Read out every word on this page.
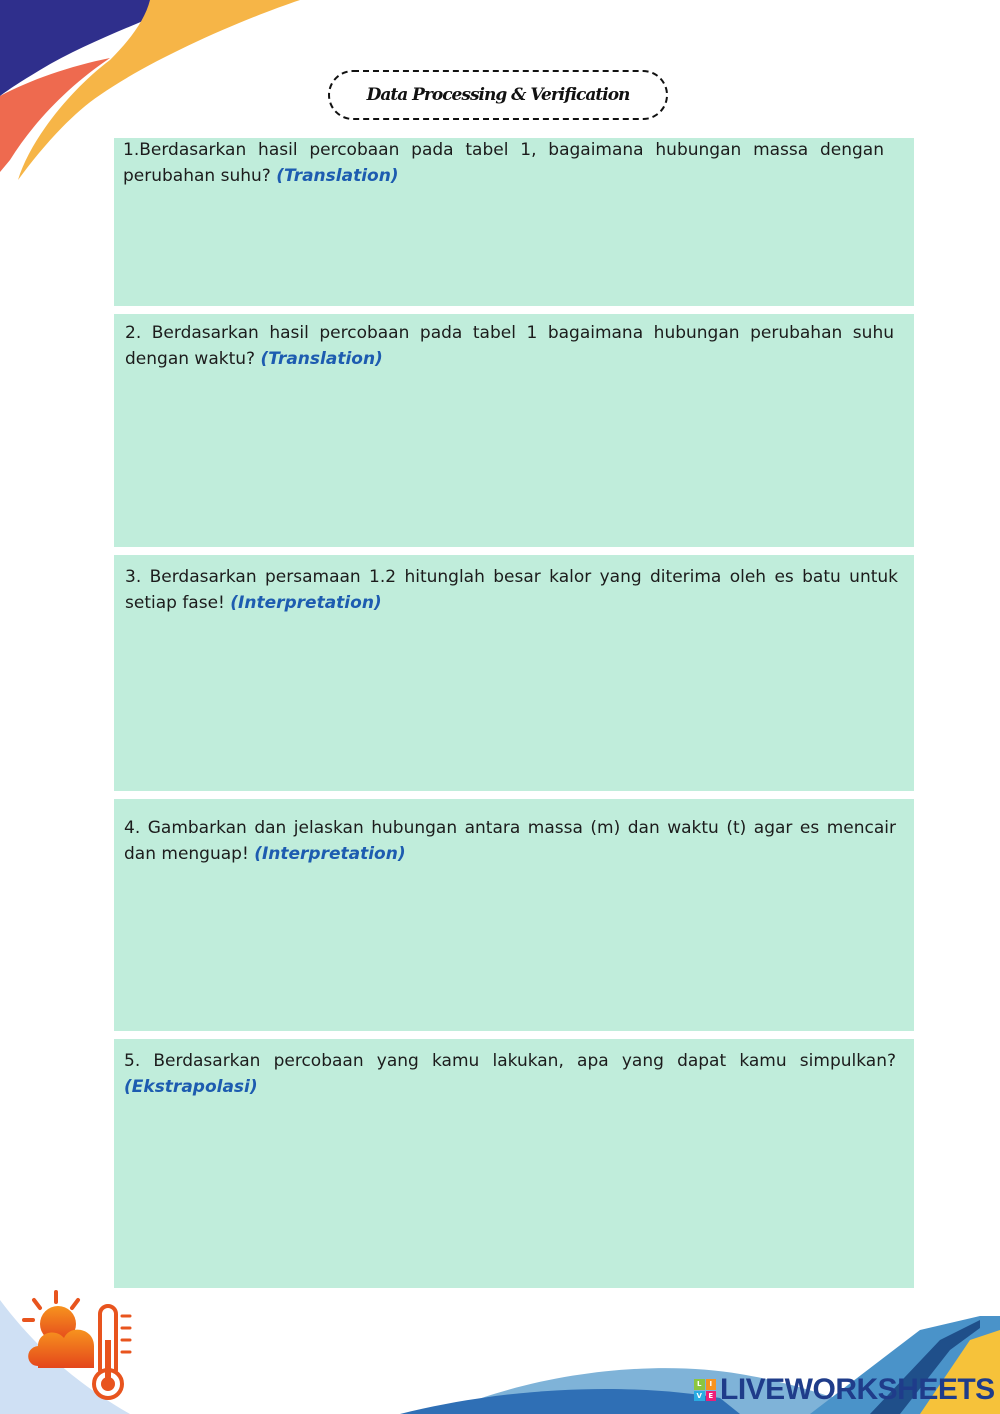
Data Processing & Verification

1.Berdasarkan hasil percobaan pada tabel 1, bagaimana hubungan massa dengan perubahan suhu? (Translation)

2. Berdasarkan hasil percobaan pada tabel 1 bagaimana hubungan perubahan suhu dengan waktu? (Translation)

3. Berdasarkan persamaan 1.2 hitunglah besar kalor yang diterima oleh es batu untuk setiap fase! (Interpretation)

4. Gambarkan dan jelaskan hubungan antara massa (m) dan waktu (t) agar es mencair dan menguap! (Interpretation)

5. Berdasarkan percobaan yang kamu lakukan, apa yang dapat kamu simpulkan? (Ekstrapolasi)

L	I
V E LIVEWORKSHEETS
